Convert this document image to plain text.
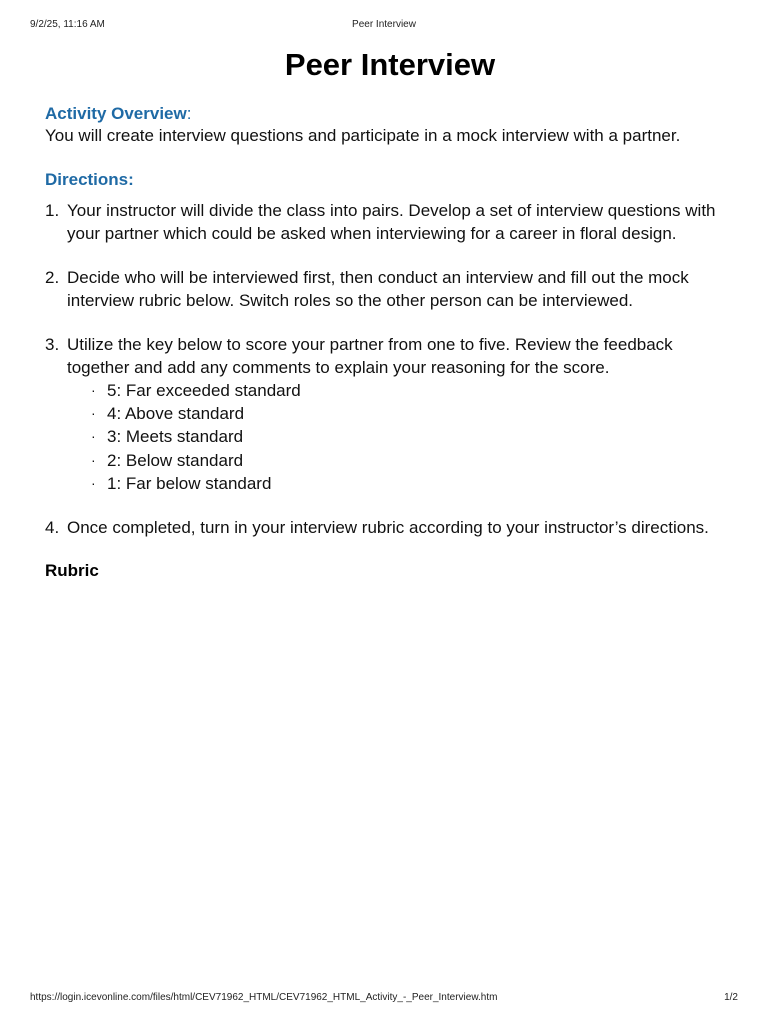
9/2/25, 11:16 AM	Peer Interview
Peer Interview

Activity Overview:

You will create interview questions and participate in a mock interview with a partner.

Directions:

1. Your instructor will divide the class into pairs. Develop a set of interview questions with your partner which could be asked when interviewing for a career in floral design.
2. Decide who will be interviewed first, then conduct an interview and fill out the mock interview rubric below. Switch roles so the other person can be interviewed.
3. Utilize the key below to score your partner from one to five. Review the feedback together and add any comments to explain your reasoning for the score.
· 5: Far exceeded standard
· 4: Above standard
· 3: Meets standard
· 2: Below standard
· 1: Far below standard
4. Once completed, turn in your interview rubric according to your instructor’s directions.

Rubric

https://login.icevonline.com/files/html/CEV71962_HTML/CEV71962_HTML_Activity_-_Peer_Interview.htm	1/2
